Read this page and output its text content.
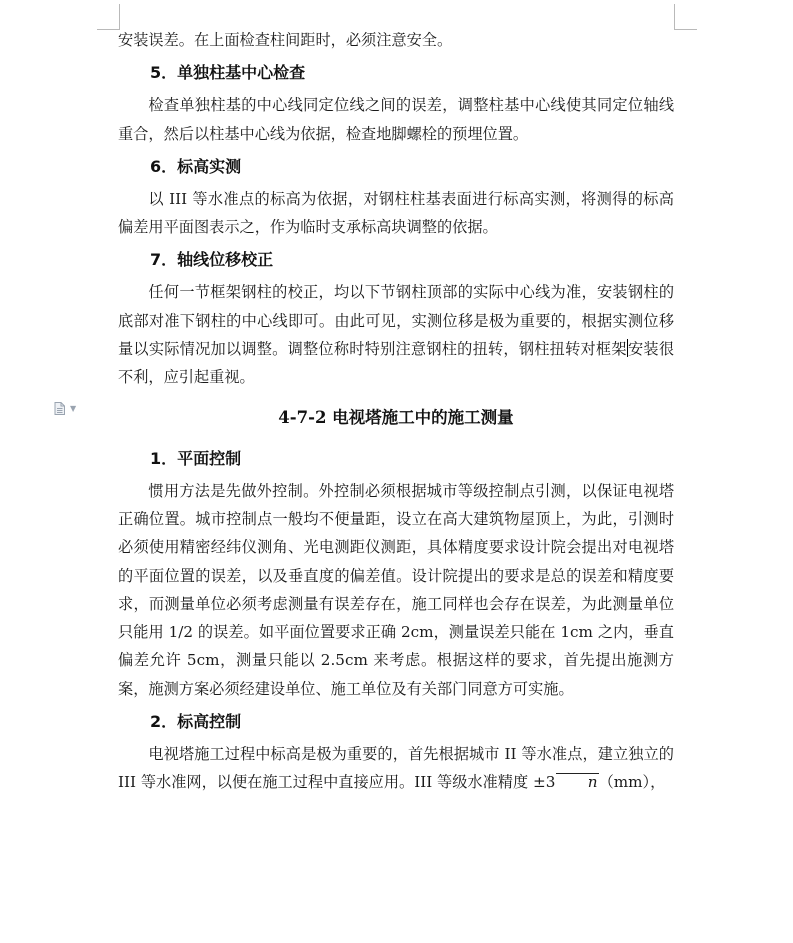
▼

安装误差。在上面检查柱间距时，必须注意安全。

5．单独柱基中心检查

检查单独柱基的中心线同定位线之间的误差，调整柱基中心线使其同定位轴线重合，然后以柱基中心线为依据，检查地脚螺栓的预埋位置。

6．标高实测

以 III 等水准点的标高为依据，对钢柱柱基表面进行标高实测，将测得的标高偏差用平面图表示之，作为临时支承标高块调整的依据。

7．轴线位移校正

任何一节框架钢柱的校正，均以下节钢柱顶部的实际中心线为准，安装钢柱的底部对准下钢柱的中心线即可。由此可见，实测位移是极为重要的，根据实测位移量以实际情况加以调整。调整位称时特别注意钢柱的扭转，钢柱扭转对框架安装很不利，应引起重视。

4-7-2 电视塔施工中的施工测量
1．平面控制

惯用方法是先做外控制。外控制必须根据城市等级控制点引测，以保证电视塔正确位置。城市控制点一般均不便量距，设立在高大建筑物屋顶上，为此，引测时必须使用精密经纬仪测角、光电测距仪测距，具体精度要求设计院会提出对电视塔的平面位置的误差，以及垂直度的偏差值。设计院提出的要求是总的误差和精度要求，而测量单位必须考虑测量有误差存在，施工同样也会存在误差，为此测量单位只能用 1/2 的误差。如平面位置要求正确 2cm，测量误差只能在 1cm 之内，垂直偏差允许 5cm，测量只能以 2.5cm 来考虑。根据这样的要求，首先提出施测方案，施测方案必须经建设单位、施工单位及有关部门同意方可实施。

2．标高控制

电视塔施工过程中标高是极为重要的，首先根据城市 II 等水准点，建立独立的 III 等水准网，以便在施工过程中直接应用。III 等级水准精度 ±3 n（mm），
